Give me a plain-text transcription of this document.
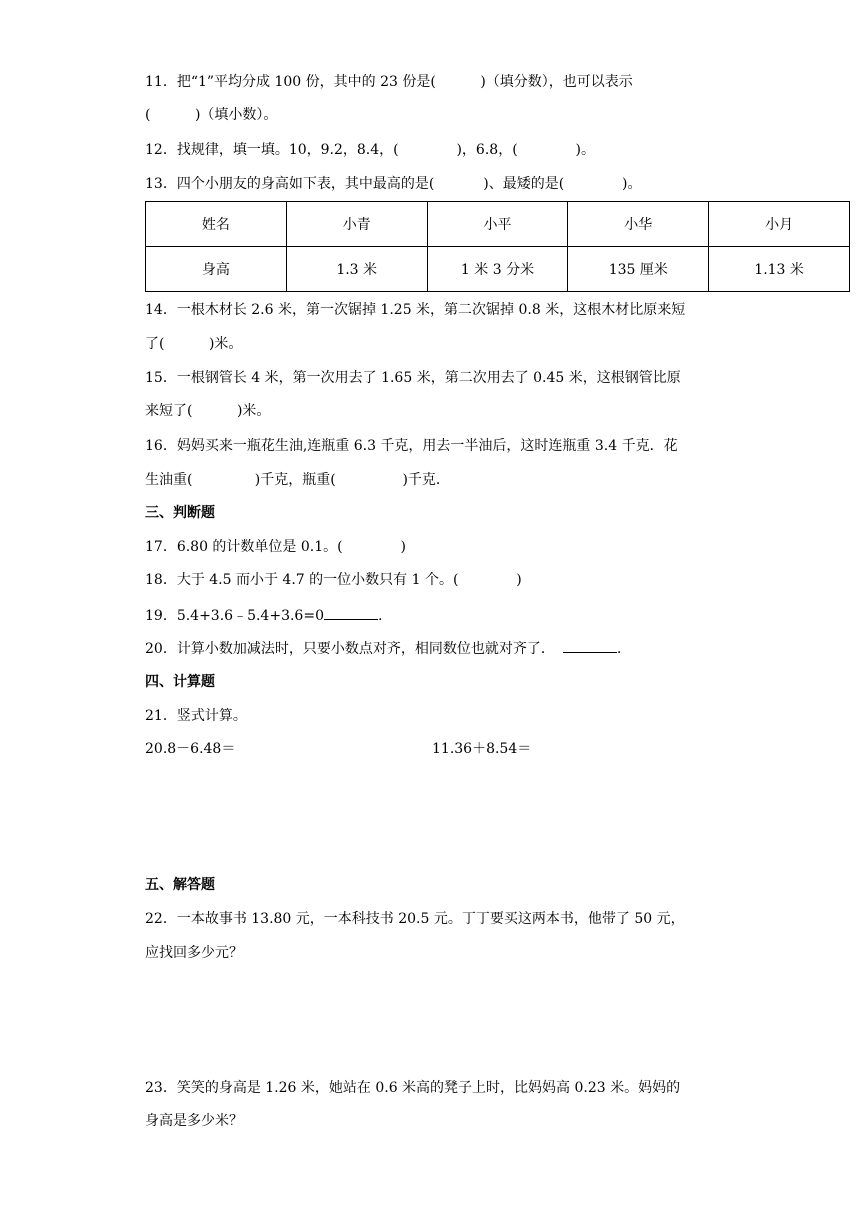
11．把“1”平均分成 100 份，其中的 23 份是(          )（填分数），也可以表示
(          )（填小数）。
12．找规律，填一填。10，9.2，8.4，(             )，6.8，(             )。
13．四个小朋友的身高如下表，其中最高的是(           )、最矮的是(             )。
姓名	小青	小平	小华	小月
身高	1.3 米	1 米 3 分米	135 厘米	1.13 米
14．一根木材长 2.6 米，第一次锯掉 1.25 米，第二次锯掉 0.8 米，这根木材比原来短
了(          )米。
15．一根钢管长 4 米，第一次用去了 1.65 米，第二次用去了 0.45 米，这根钢管比原
来短了(          )米。
16．妈妈买来一瓶花生油,连瓶重 6.3 千克，用去一半油后，这时连瓶重 3.4 千克．花
生油重(              )千克，瓶重(               )千克．
三、判断题
17．6.80 的计数单位是 0.1。(             )
18．大于 4.5 而小于 4.7 的一位小数只有 1 个。(             )
19．5.4+3.6﹣5.4+3.6=0	.
20．计算小数加减法时，只要小数点对齐，相同数位也就对齐了．	.
四、计算题
21．竖式计算。
20.8－6.48＝	11.36＋8.54＝
五、解答题
22．一本故事书 13.80 元，一本科技书 20.5 元。丁丁要买这两本书，他带了 50 元，
应找回多少元？
23．笑笑的身高是 1.26 米，她站在 0.6 米高的凳子上时，比妈妈高 0.23 米。妈妈的
身高是多少米？
